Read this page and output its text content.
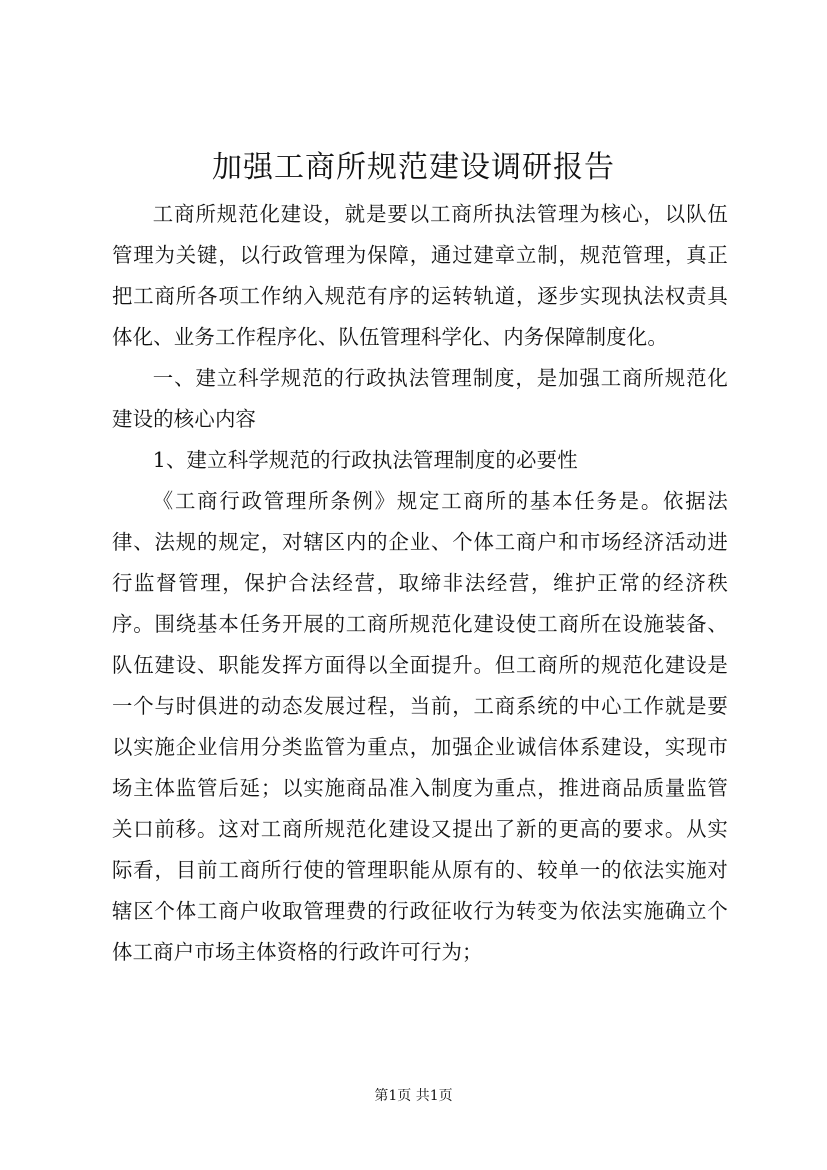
加强工商所规范建设调研报告

工商所规范化建设，就是要以工商所执法管理为核心，以队伍管理为关键，以行政管理为保障，通过建章立制，规范管理，真正把工商所各项工作纳入规范有序的运转轨道，逐步实现执法权责具体化、业务工作程序化、队伍管理科学化、内务保障制度化。

一、建立科学规范的行政执法管理制度，是加强工商所规范化建设的核心内容

1、建立科学规范的行政执法管理制度的必要性

《工商行政管理所条例》规定工商所的基本任务是。依据法律、法规的规定，对辖区内的企业、个体工商户和市场经济活动进行监督管理，保护合法经营，取缔非法经营，维护正常的经济秩序。围绕基本任务开展的工商所规范化建设使工商所在设施装备、队伍建设、职能发挥方面得以全面提升。但工商所的规范化建设是一个与时俱进的动态发展过程，当前，工商系统的中心工作就是要以实施企业信用分类监管为重点，加强企业诚信体系建设，实现市场主体监管后延；以实施商品准入制度为重点，推进商品质量监管关口前移。这对工商所规范化建设又提出了新的更高的要求。从实际看，目前工商所行使的管理职能从原有的、较单一的依法实施对辖区个体工商户收取管理费的行政征收行为转变为依法实施确立个体工商户市场主体资格的行政许可行为；

第1页 共1页
